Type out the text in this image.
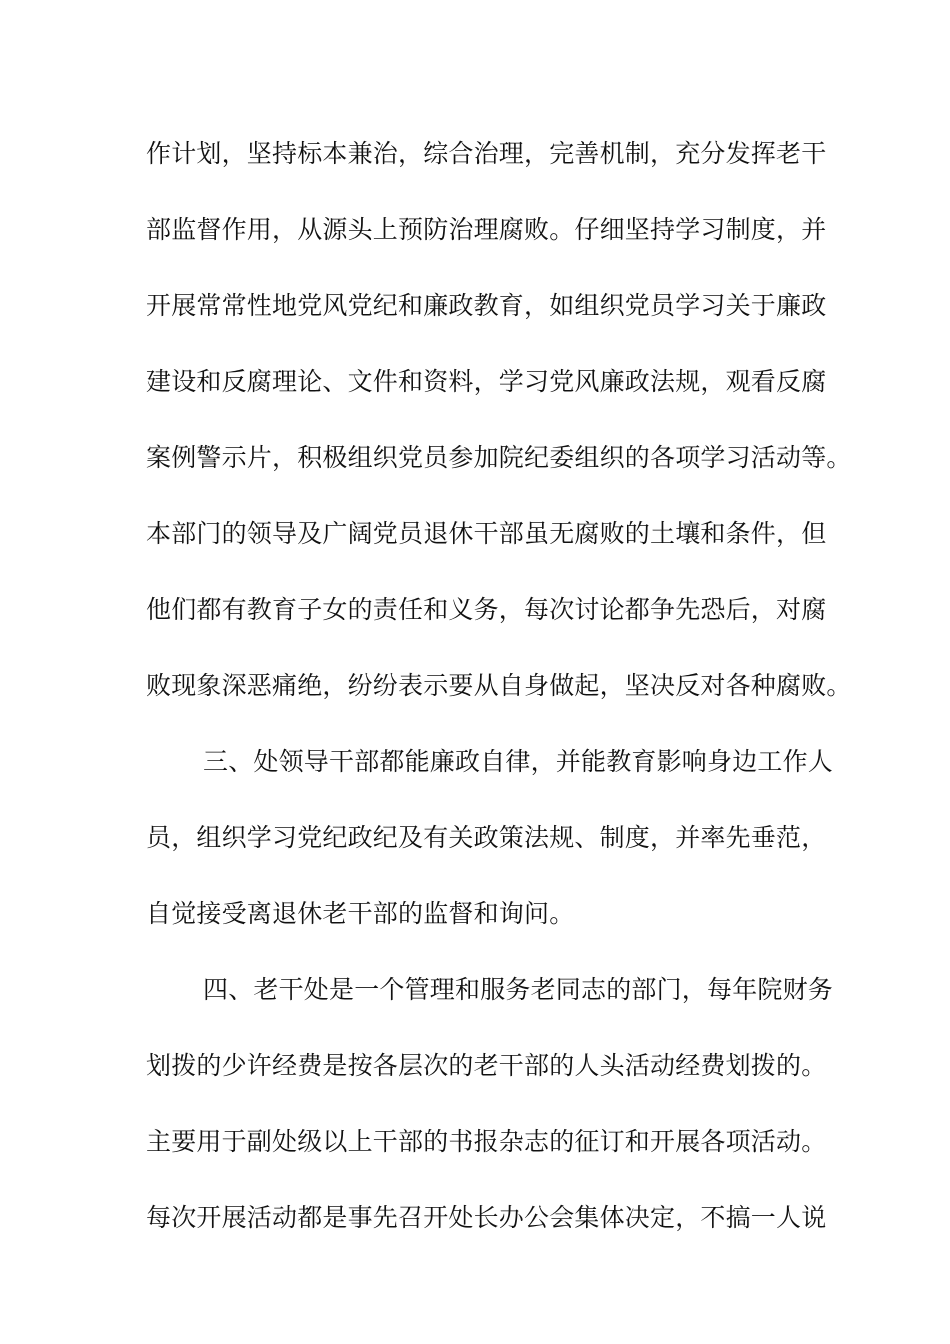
作计划，坚持标本兼治，综合治理，完善机制，充分发挥老干
部监督作用，从源头上预防治理腐败。仔细坚持学习制度，并
开展常常性地党风党纪和廉政教育，如组织党员学习关于廉政
建设和反腐理论、文件和资料，学习党风廉政法规，观看反腐
案例警示片，积极组织党员参加院纪委组织的各项学习活动等。
本部门的领导及广阔党员退休干部虽无腐败的土壤和条件，但
他们都有教育子女的责任和义务，每次讨论都争先恐后，对腐
败现象深恶痛绝，纷纷表示要从自身做起，坚决反对各种腐败。
三、处领导干部都能廉政自律，并能教育影响身边工作人
员，组织学习党纪政纪及有关政策法规、制度，并率先垂范，
自觉接受离退休老干部的监督和询问。
四、老干处是一个管理和服务老同志的部门，每年院财务
划拨的少许经费是按各层次的老干部的人头活动经费划拨的。
主要用于副处级以上干部的书报杂志的征订和开展各项活动。
每次开展活动都是事先召开处长办公会集体决定，不搞一人说
